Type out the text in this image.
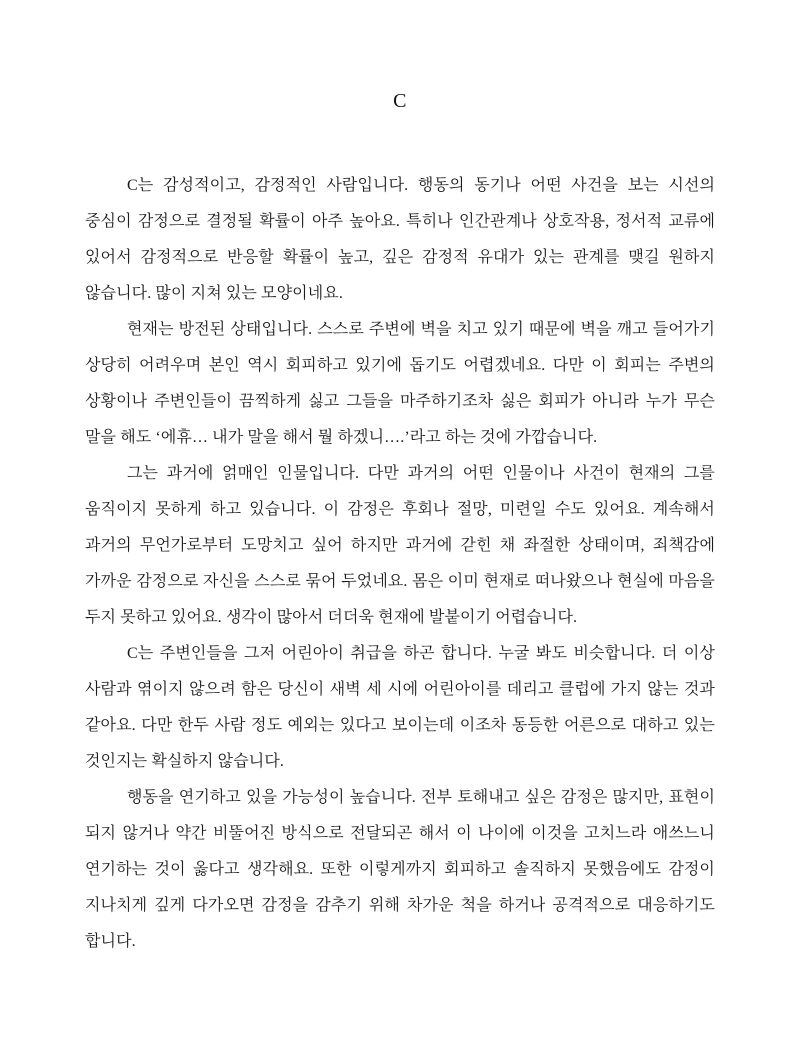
C

C는 감성적이고, 감정적인 사람입니다. 행동의 동기나 어떤 사건을 보는 시선의 중심이 감정으로 결정될 확률이 아주 높아요. 특히나 인간관계나 상호작용, 정서적 교류에 있어서 감정적으로 반응할 확률이 높고, 깊은 감정적 유대가 있는 관계를 맺길 원하지 않습니다. 많이 지쳐 있는 모양이네요.

현재는 방전된 상태입니다. 스스로 주변에 벽을 치고 있기 때문에 벽을 깨고 들어가기 상당히 어려우며 본인 역시 회피하고 있기에 돕기도 어렵겠네요. 다만 이 회피는 주변의 상황이나 주변인들이 끔찍하게 싫고 그들을 마주하기조차 싫은 회피가 아니라 누가 무슨 말을 해도 ‘에휴… 내가 말을 해서 뭘 하겠니….’라고 하는 것에 가깝습니다.

그는 과거에 얽매인 인물입니다. 다만 과거의 어떤 인물이나 사건이 현재의 그를 움직이지 못하게 하고 있습니다. 이 감정은 후회나 절망, 미련일 수도 있어요. 계속해서 과거의 무언가로부터 도망치고 싶어 하지만 과거에 갇힌 채 좌절한 상태이며, 죄책감에 가까운 감정으로 자신을 스스로 묶어 두었네요. 몸은 이미 현재로 떠나왔으나 현실에 마음을 두지 못하고 있어요. 생각이 많아서 더더욱 현재에 발붙이기 어렵습니다.

C는 주변인들을 그저 어린아이 취급을 하곤 합니다. 누굴 봐도 비슷합니다. 더 이상 사람과 엮이지 않으려 함은 당신이 새벽 세 시에 어린아이를 데리고 클럽에 가지 않는 것과 같아요. 다만 한두 사람 정도 예외는 있다고 보이는데 이조차 동등한 어른으로 대하고 있는 것인지는 확실하지 않습니다.

행동을 연기하고 있을 가능성이 높습니다. 전부 토해내고 싶은 감정은 많지만, 표현이 되지 않거나 약간 비뚤어진 방식으로 전달되곤 해서 이 나이에 이것을 고치느라 애쓰느니 연기하는 것이 옳다고 생각해요. 또한 이렇게까지 회피하고 솔직하지 못했음에도 감정이 지나치게 깊게 다가오면 감정을 감추기 위해 차가운 척을 하거나 공격적으로 대응하기도 합니다.
